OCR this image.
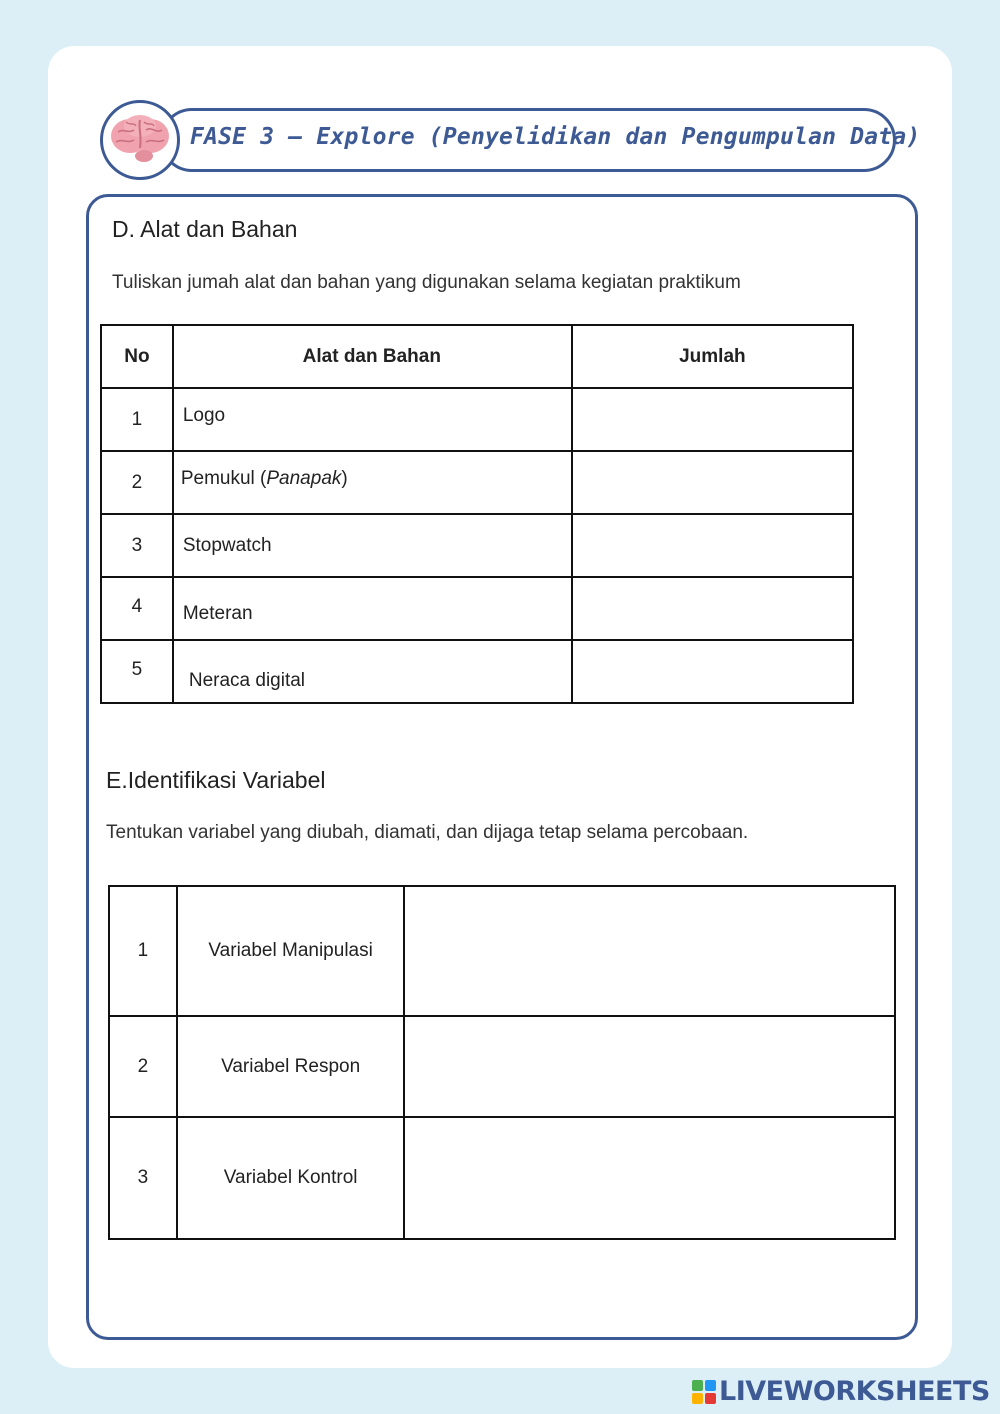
FASE 3 – Explore (Penyelidikan dan Pengumpulan Data)
D. Alat dan Bahan
Tuliskan jumah alat dan bahan yang digunakan selama kegiatan praktikum
No	Alat dan Bahan	Jumlah
1	Logo	
2	Pemukul (Panapak)	
3	Stopwatch	
4	Meteran	
5	Neraca digital	
E.Identifikasi Variabel
Tentukan variabel yang diubah, diamati, dan dijaga tetap selama percobaan.
1	Variabel Manipulasi	
2	Variabel Respon	
3	Variabel Kontrol	
LIVEWORKSHEETS
